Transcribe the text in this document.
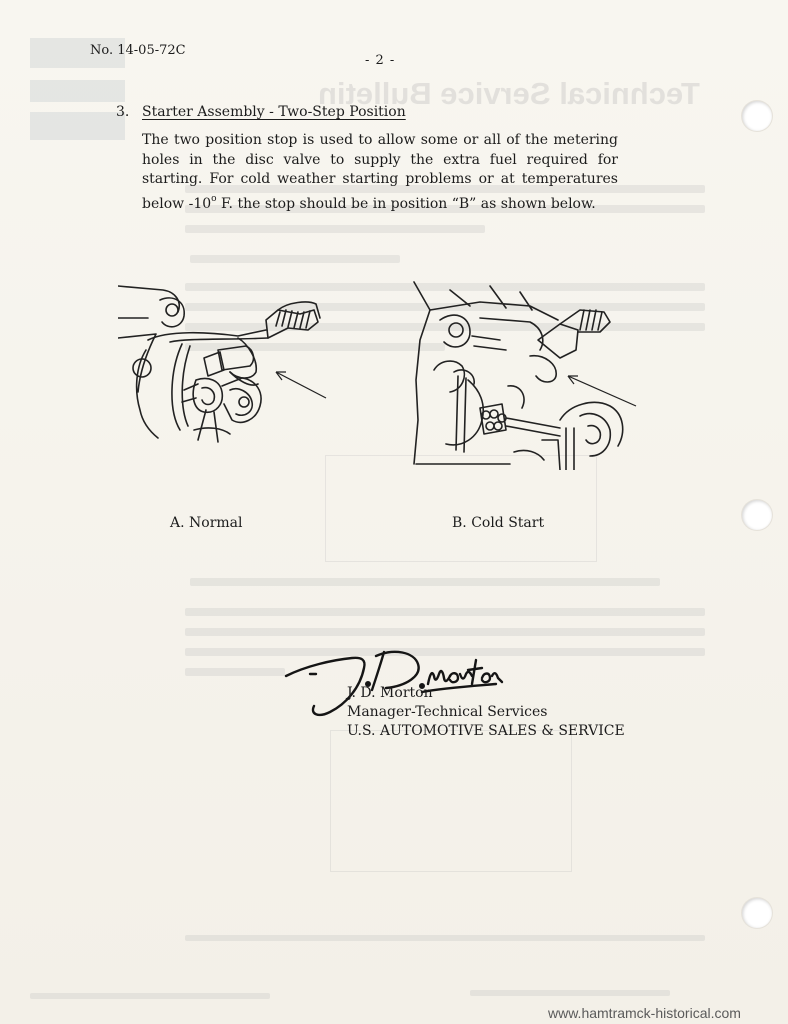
Technical Service Bulletin
No. 14-05-72C
- 2 -
3. Starter Assembly - Two-Step Position
The two position stop is used to allow some or all of the metering
holes in the disc valve to supply the extra fuel required for
starting. For cold weather starting problems or at temperatures
below -10$^o$ F. the stop should be in position “B” as shown below.
A. Normal	B. Cold Start
J. D. Morton
Manager-Technical Services
U.S. AUTOMOTIVE SALES & SERVICE
www.hamtramck-historical.com
